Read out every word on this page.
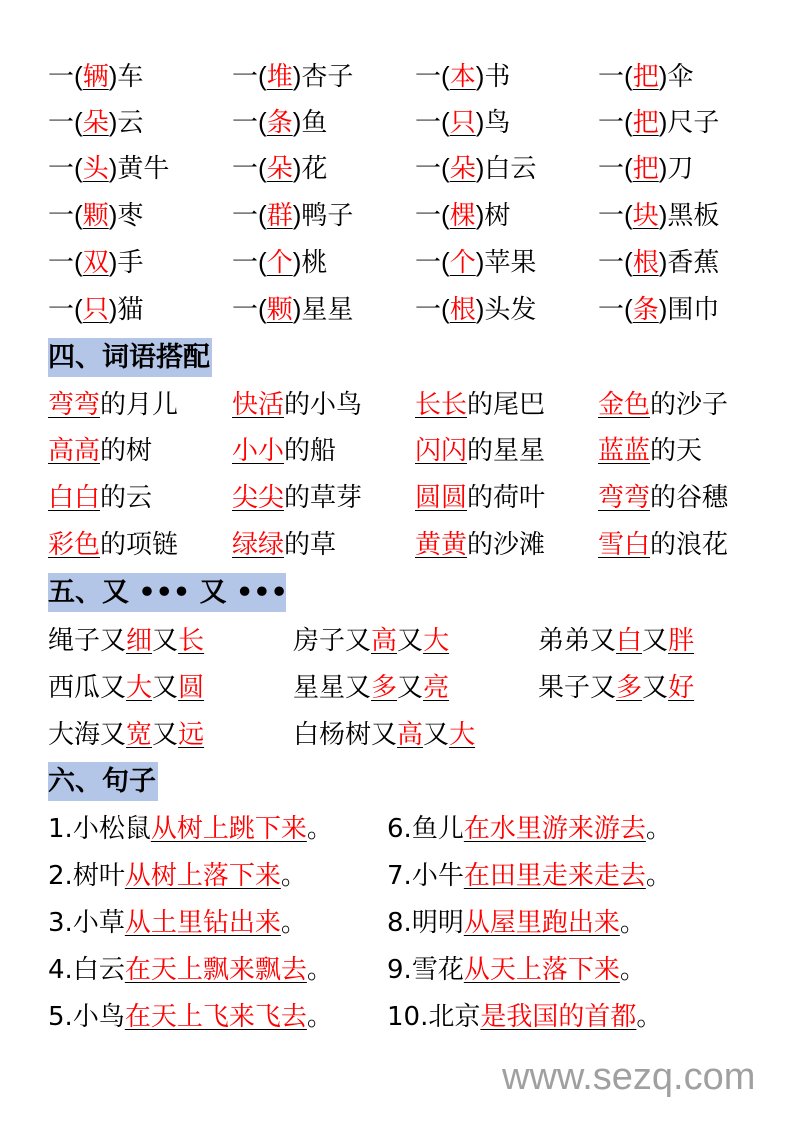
一(辆)车	一(堆)杏子 一(本)书	一(把)伞
一(朵)云	一(条)鱼	一(只)鸟	一(把)尺子
一(头)黄牛 一(朵)花	一(朵)白云 一(把)刀
一(颗)枣	一(群)鸭子 一(棵)树	一(块)黑板
一(双)手	一(个)桃	一(个)苹果 一(根)香蕉
一(只)猫	一(颗)星星 一(根)头发 一(条)围巾
四、词语搭配
弯弯的月儿 快活的小鸟 长长的尾巴 金色的沙子
高高的树	小小的船	闪闪的星星 蓝蓝的天
白白的云	尖尖的草芽 圆圆的荷叶 弯弯的谷穗
彩色的项链 绿绿的草	黄黄的沙滩 雪白的浪花
五、又 ••• 又 •••
绳子又细又长	房子又高又大	弟弟又白又胖
西瓜又大又圆	星星又多又亮	果子又多又好
大海又宽又远	白杨树又高又大
六、句子
1.小松鼠从树上跳下来。 6.鱼儿在水里游来游去。
2.树叶从树上落下来。	7.小牛在田里走来走去。
3.小草从土里钻出来。	8.明明从屋里跑出来。
4.白云在天上飘来飘去。 9.雪花从天上落下来。
5.小鸟在天上飞来飞去。 10.北京是我国的首都。
www.sezq.com
